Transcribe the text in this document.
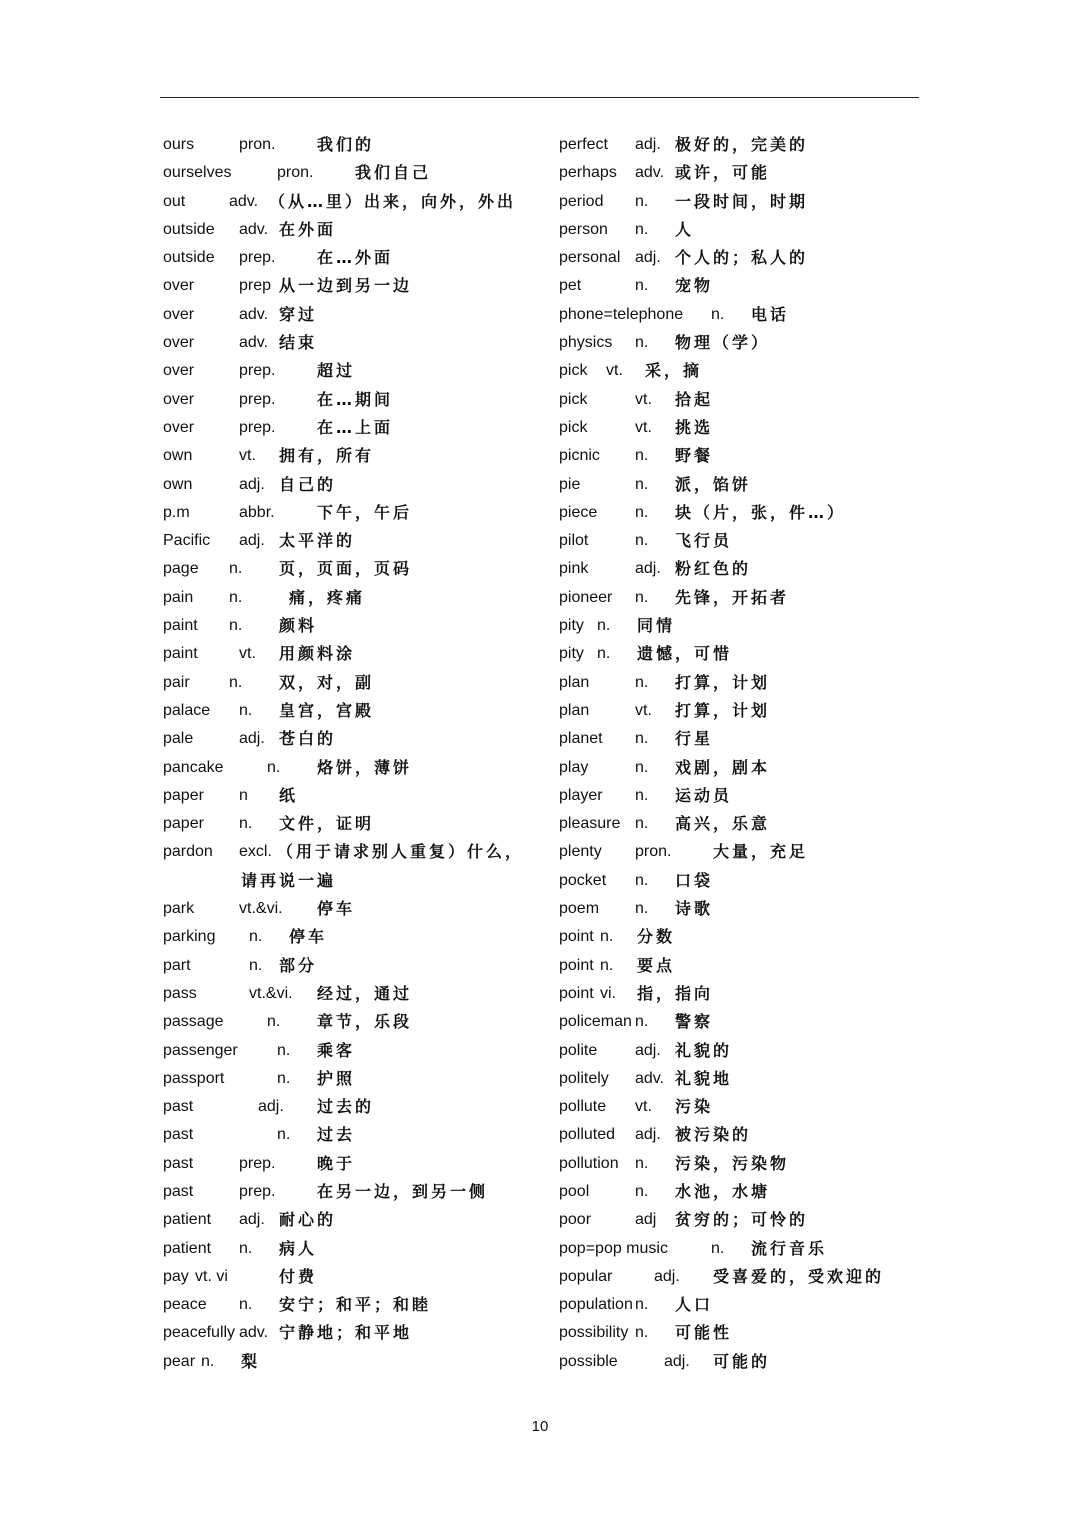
ours	pron.	我们的
ourselves	pron.	我们自己
out	adv. （从…里）出来，向外，外出
outside adv. 在外面
outside prep.	在…外面
over	prep 从一边到另一边
over	adv. 穿过
over	adv. 结束
over	prep.	超过
over	prep.	在…期间
over	prep.	在…上面
own	vt. 拥有，所有
own	adj. 自己的
p.m	abbr.	下午，午后
Pacific adj. 太平洋的
page n. 页，页面，页码
pain n.	痛，疼痛
paint n. 颜料
paint	vt. 用颜料涂
pair n. 双，对，副
palace n. 皇宫，宫殿
pale	adj. 苍白的
pancake	n. 烙饼，薄饼
paper n 纸
paper n. 文件，证明
pardon excl. （用于请求别人重复）什么，
请再说一遍
park	vt.&vi. 停车
parking n. 停车
part	n. 部分
pass	vt.&vi. 经过，通过
passage	n. 章节，乐段
passenger n. 乘客
passport	n. 护照
past	adj. 过去的
past	n. 过去
past	prep.	晚于
past	prep.	在另一边，到另一侧
patient adj. 耐心的
patient n. 病人
pay vt. vi	付费
peace n. 安宁；和平；和睦
peacefully adv. 宁静地；和平地
pear n. 梨
perfect adj. 极好的，完美的
perhaps adv. 或许，可能
period n. 一段时间，时期
person n. 人
personal adj. 个人的；私人的
pet	n. 宠物
phone=telephone n. 电话
physics n. 物理（学）
pick vt. 采，摘
pick	vt. 拾起
pick	vt. 挑选
picnic n. 野餐
pie	n. 派，馅饼
piece n. 块（片，张，件…）
pilot	n. 飞行员
pink	adj. 粉红色的
pioneer n. 先锋，开拓者
pity n. 同情
pity n. 遗憾，可惜
plan	n. 打算，计划
plan	vt. 打算，计划
planet n. 行星
play	n. 戏剧，剧本
player n. 运动员
pleasure n. 高兴，乐意
plenty pron.	大量，充足
pocket n. 口袋
poem n. 诗歌
point n. 分数
point n. 要点
point vi. 指，指向
policeman n. 警察
polite adj. 礼貌的
politely adv. 礼貌地
pollute vt. 污染
polluted adj. 被污染的
pollution n. 污染，污染物
pool	n. 水池，水塘
poor	adj 贫穷的；可怜的
pop=pop music	n. 流行音乐
popular	adj. 受喜爱的，受欢迎的
population n. 人口
possibility n. 可能性
possible	adj. 可能的
10
